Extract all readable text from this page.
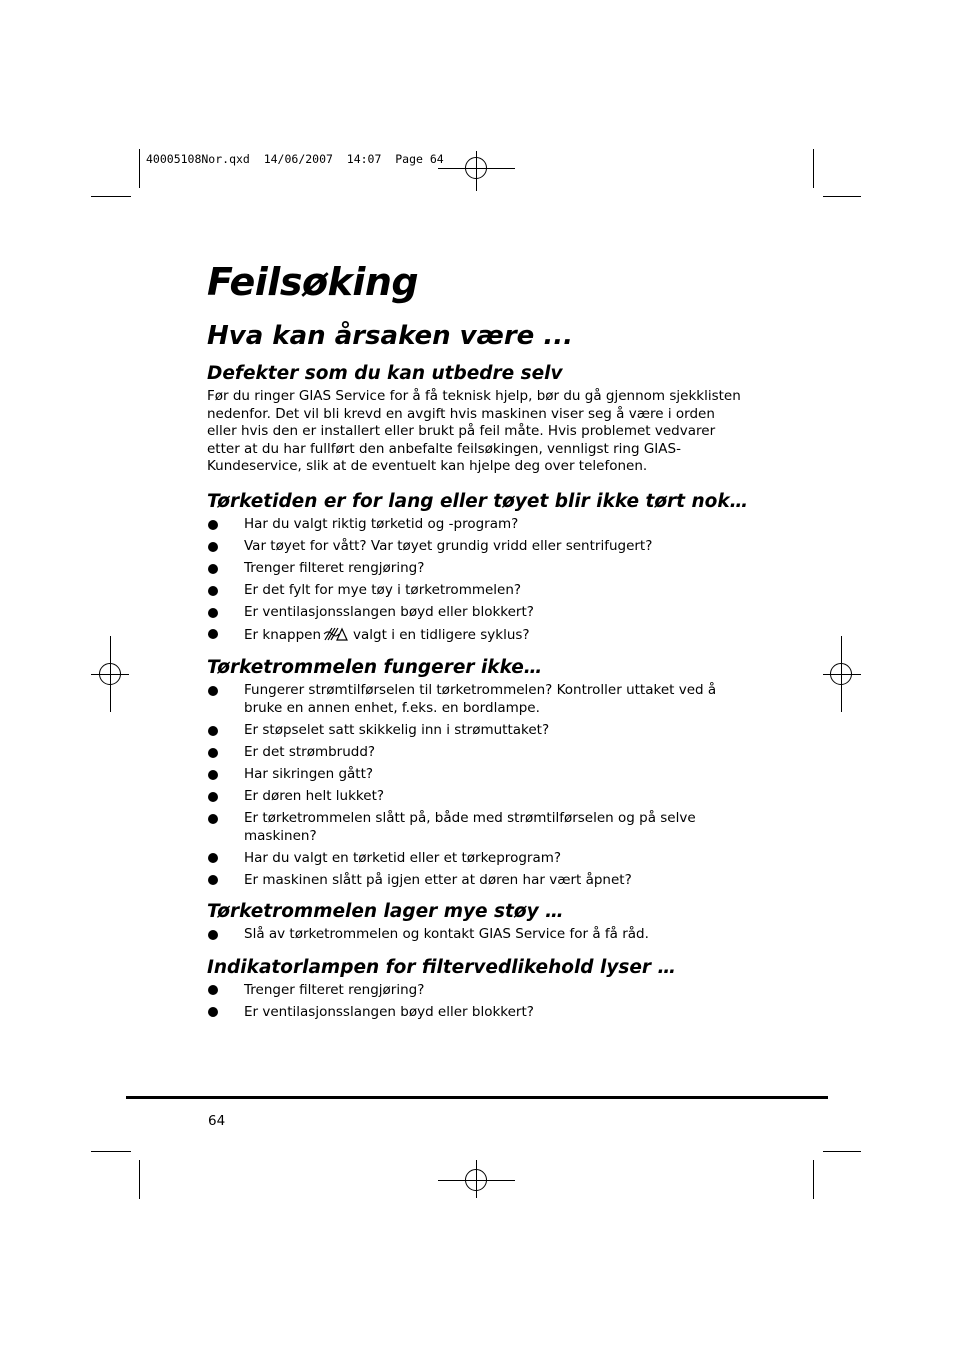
40005108Nor.qxd  14/06/2007  14:07  Page 64
Feilsøking
Hva kan årsaken være ...
Defekter som du kan utbedre selv

Før du ringer GIAS Service for å få teknisk hjelp, bør du gå gjennom sjekklisten
nedenfor. Det vil bli krevd en avgift hvis maskinen viser seg å være i orden
eller hvis den er installert eller brukt på feil måte. Hvis problemet vedvarer
etter at du har fullført den anbefalte feilsøkingen, vennligst ring GIAS-
Kundeservice, slik at de eventuelt kan hjelpe deg over telefonen.

Tørketiden er for lang eller tøyet blir ikke tørt nok…
Har du valgt riktig tørketid og -program?
Var tøyet for vått? Var tøyet grundig vridd eller sentrifugert?
Trenger filteret rengjøring?
Er det fylt for mye tøy i tørketrommelen?
Er ventilasjonsslangen bøyd eller blokkert?
Er knappen valgt i en tidligere syklus?
Tørketrommelen fungerer ikke…
Fungerer strømtilførselen til tørketrommelen? Kontroller uttaket ved å
bruke en annen enhet, f.eks. en bordlampe.
Er støpselet satt skikkelig inn i strømuttaket?
Er det strømbrudd?
Har sikringen gått?
Er døren helt lukket?
Er tørketrommelen slått på, både med strømtilførselen og på selve
maskinen?
Har du valgt en tørketid eller et tørkeprogram?
Er maskinen slått på igjen etter at døren har vært åpnet?
Tørketrommelen lager mye støy …
Slå av tørketrommelen og kontakt GIAS Service for å få råd.
Indikatorlampen for filtervedlikehold lyser …
Trenger filteret rengjøring?
Er ventilasjonsslangen bøyd eller blokkert?
64
